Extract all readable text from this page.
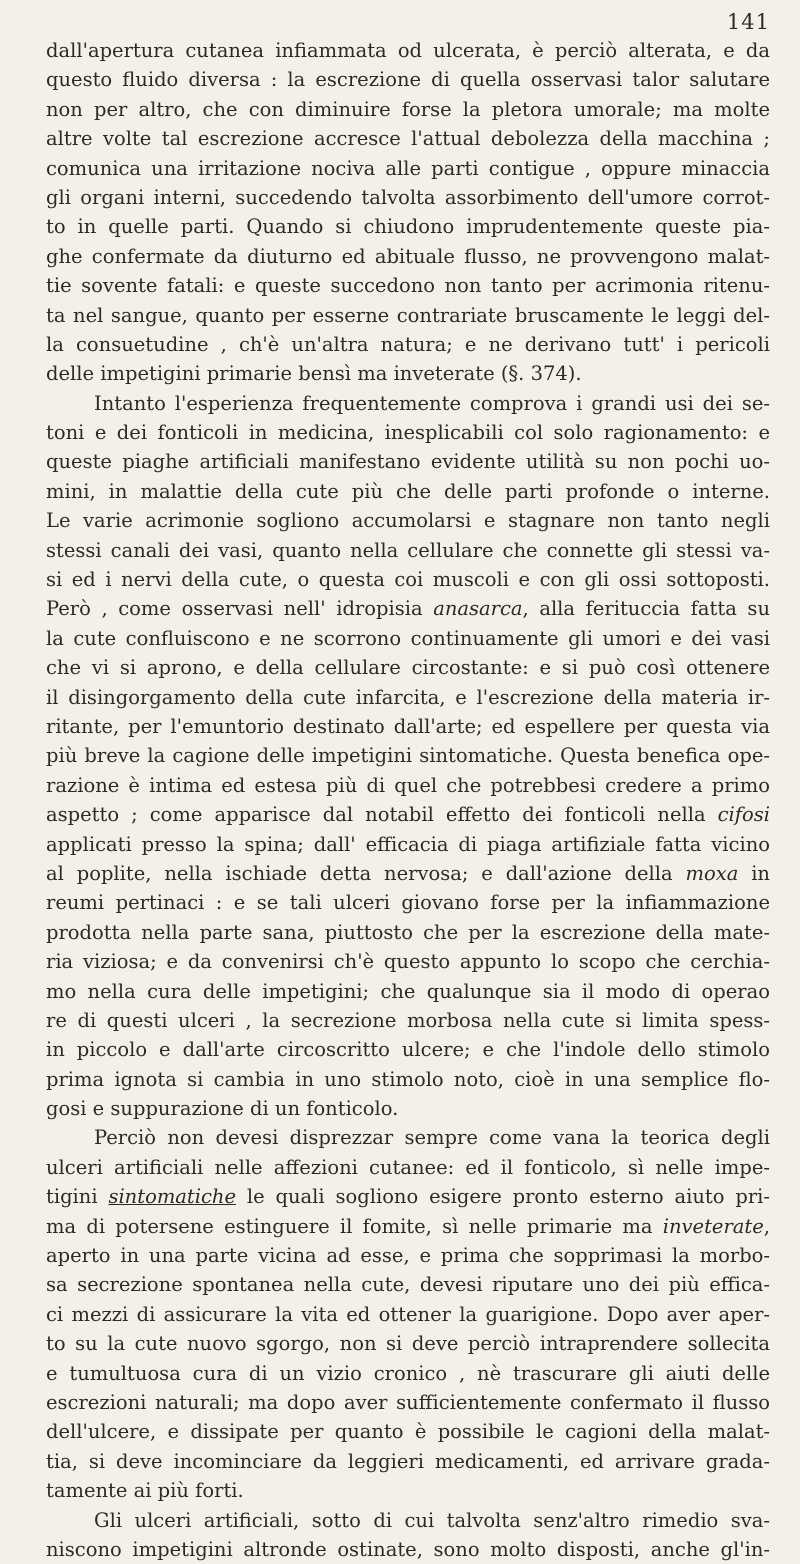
141
dall'apertura cutanea infiammata od ulcerata, è perciò alterata, e da
questo fluido diversa : la escrezione di quella osservasi talor salutare
non per altro, che con diminuire forse la pletora umorale; ma molte
altre volte tal escrezione accresce l'attual debolezza della macchina ;
comunica una irritazione nociva alle parti contigue , oppure minaccia
gli organi interni, succedendo talvolta assorbimento dell'umore corrot-
to in quelle parti. Quando si chiudono imprudentemente queste pia-
ghe confermate da diuturno ed abituale flusso, ne provvengono malat-
tie sovente fatali: e queste succedono non tanto per acrimonia ritenu-
ta nel sangue, quanto per esserne contrariate bruscamente le leggi del-
la consuetudine , ch'è un'altra natura; e ne derivano tutt' i pericoli
delle impetigini primarie bensì ma inveterate (§. 374).
Intanto l'esperienza frequentemente comprova i grandi usi dei se-
toni e dei fonticoli in medicina, inesplicabili col solo ragionamento: e
queste piaghe artificiali manifestano evidente utilità su non pochi uo-
mini, in malattie della cute più che delle parti profonde o interne.
Le varie acrimonie sogliono accumolarsi e stagnare non tanto negli
stessi canali dei vasi, quanto nella cellulare che connette gli stessi va-
si ed i nervi della cute, o questa coi muscoli e con gli ossi sottoposti.
Però , come osservasi nell' idropisia anasarca, alla ferituccia fatta su
la cute confluiscono e ne scorrono continuamente gli umori e dei vasi
che vi si aprono, e della cellulare circostante: e si può così ottenere
il disingorgamento della cute infarcita, e l'escrezione della materia ir-
ritante, per l'emuntorio destinato dall'arte; ed espellere per questa via
più breve la cagione delle impetigini sintomatiche. Questa benefica ope-
razione è intima ed estesa più di quel che potrebbesi credere a primo
aspetto ; come apparisce dal notabil effetto dei fonticoli nella cifosi
applicati presso la spina; dall' efficacia di piaga artifiziale fatta vicino
al poplite, nella ischiade detta nervosa; e dall'azione della moxa in
reumi pertinaci : e se tali ulceri giovano forse per la infiammazione
prodotta nella parte sana, piuttosto che per la escrezione della mate-
ria viziosa; e da convenirsi ch'è questo appunto lo scopo che cerchia-
mo nella cura delle impetigini; che qualunque sia il modo di operao
re di questi ulceri , la secrezione morbosa nella cute si limita spess-
in piccolo e dall'arte circoscritto ulcere; e che l'indole dello stimolo
prima ignota si cambia in uno stimolo noto, cioè in una semplice flo-
gosi e suppurazione di un fonticolo.
Perciò non devesi disprezzar sempre come vana la teorica degli
ulceri artificiali nelle affezioni cutanee: ed il fonticolo, sì nelle impe-
tigini sintomatiche le quali sogliono esigere pronto esterno aiuto pri-
ma di potersene estinguere il fomite, sì nelle primarie ma inveterate,
aperto in una parte vicina ad esse, e prima che sopprimasi la morbo-
sa secrezione spontanea nella cute, devesi riputare uno dei più effica-
ci mezzi di assicurare la vita ed ottener la guarigione. Dopo aver aper-
to su la cute nuovo sgorgo, non si deve perciò intraprendere sollecita
e tumultuosa cura di un vizio cronico , nè trascurare gli aiuti delle
escrezioni naturali; ma dopo aver sufficientemente confermato il flusso
dell'ulcere, e dissipate per quanto è possibile le cagioni della malat-
tia, si deve incominciare da leggieri medicamenti, ed arrivare grada-
tamente ai più forti.
Gli ulceri artificiali, sotto di cui talvolta senz'altro rimedio sva-
niscono impetigini altronde ostinate, sono molto disposti, anche gl'in-
